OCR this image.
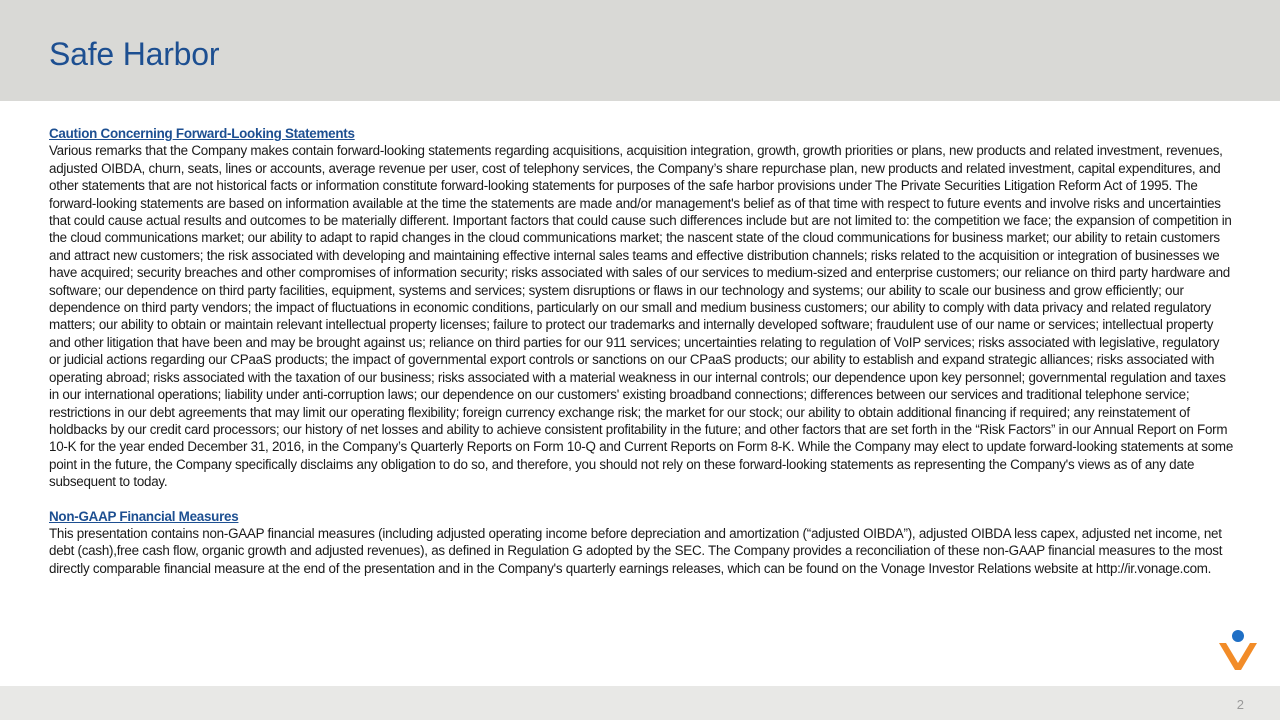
Safe Harbor
Caution Concerning Forward-Looking Statements

Various remarks that the Company makes contain forward-looking statements regarding acquisitions, acquisition integration, growth, growth priorities or plans, new products and related investment, revenues, adjusted OIBDA, churn, seats, lines or accounts, average revenue per user, cost of telephony services, the Company’s share repurchase plan, new products and related investment, capital expenditures, and other statements that are not historical facts or information constitute forward-looking statements for purposes of the safe harbor provisions under The Private Securities Litigation Reform Act of 1995. The forward-looking statements are based on information available at the time the statements are made and/or management's belief as of that time with respect to future events and involve risks and uncertainties that could cause actual results and outcomes to be materially different. Important factors that could cause such differences include but are not limited to: the competition we face; the expansion of competition in the cloud communications market; our ability to adapt to rapid changes in the cloud communications market; the nascent state of the cloud communications for business market; our ability to retain customers and attract new customers; the risk associated with developing and maintaining effective internal sales teams and effective distribution channels; risks related to the acquisition or integration of businesses we have acquired; security breaches and other compromises of information security; risks associated with sales of our services to medium-sized and enterprise customers; our reliance on third party hardware and software; our dependence on third party facilities, equipment, systems and services; system disruptions or flaws in our technology and systems; our ability to scale our business and grow efficiently; our dependence on third party vendors; the impact of fluctuations in economic conditions, particularly on our small and medium business customers; our ability to comply with data privacy and related regulatory matters; our ability to obtain or maintain relevant intellectual property licenses; failure to protect our trademarks and internally developed software; fraudulent use of our name or services; intellectual property and other litigation that have been and may be brought against us; reliance on third parties for our 911 services; uncertainties relating to regulation of VoIP services; risks associated with legislative, regulatory or judicial actions regarding our CPaaS products; the impact of governmental export controls or sanctions on our CPaaS products; our ability to establish and expand strategic alliances; risks associated with operating abroad; risks associated with the taxation of our business; risks associated with a material weakness in our internal controls; our dependence upon key personnel; governmental regulation and taxes in our international operations; liability under anti-corruption laws; our dependence on our customers' existing broadband connections; differences between our services and traditional telephone service; restrictions in our debt agreements that may limit our operating flexibility; foreign currency exchange risk; the market for our stock; our ability to obtain additional financing if required; any reinstatement of holdbacks by our credit card processors; our history of net losses and ability to achieve consistent profitability in the future; and other factors that are set forth in the “Risk Factors” in our Annual Report on Form 10-K for the year ended December 31, 2016, in the Company’s Quarterly Reports on Form 10-Q and Current Reports on Form 8-K. While the Company may elect to update forward-looking statements at some point in the future, the Company specifically disclaims any obligation to do so, and therefore, you should not rely on these forward-looking statements as representing the Company's views as of any date subsequent to today.

Non-GAAP Financial Measures

This presentation contains non-GAAP financial measures (including adjusted operating income before depreciation and amortization (“adjusted OIBDA”), adjusted OIBDA less capex, adjusted net income, net debt (cash),free cash flow, organic growth and adjusted revenues), as defined in Regulation G adopted by the SEC. The Company provides a reconciliation of these non-GAAP financial measures to the most directly comparable financial measure at the end of the presentation and in the Company's quarterly earnings releases, which can be found on the Vonage Investor Relations website at http://ir.vonage.com.

2
